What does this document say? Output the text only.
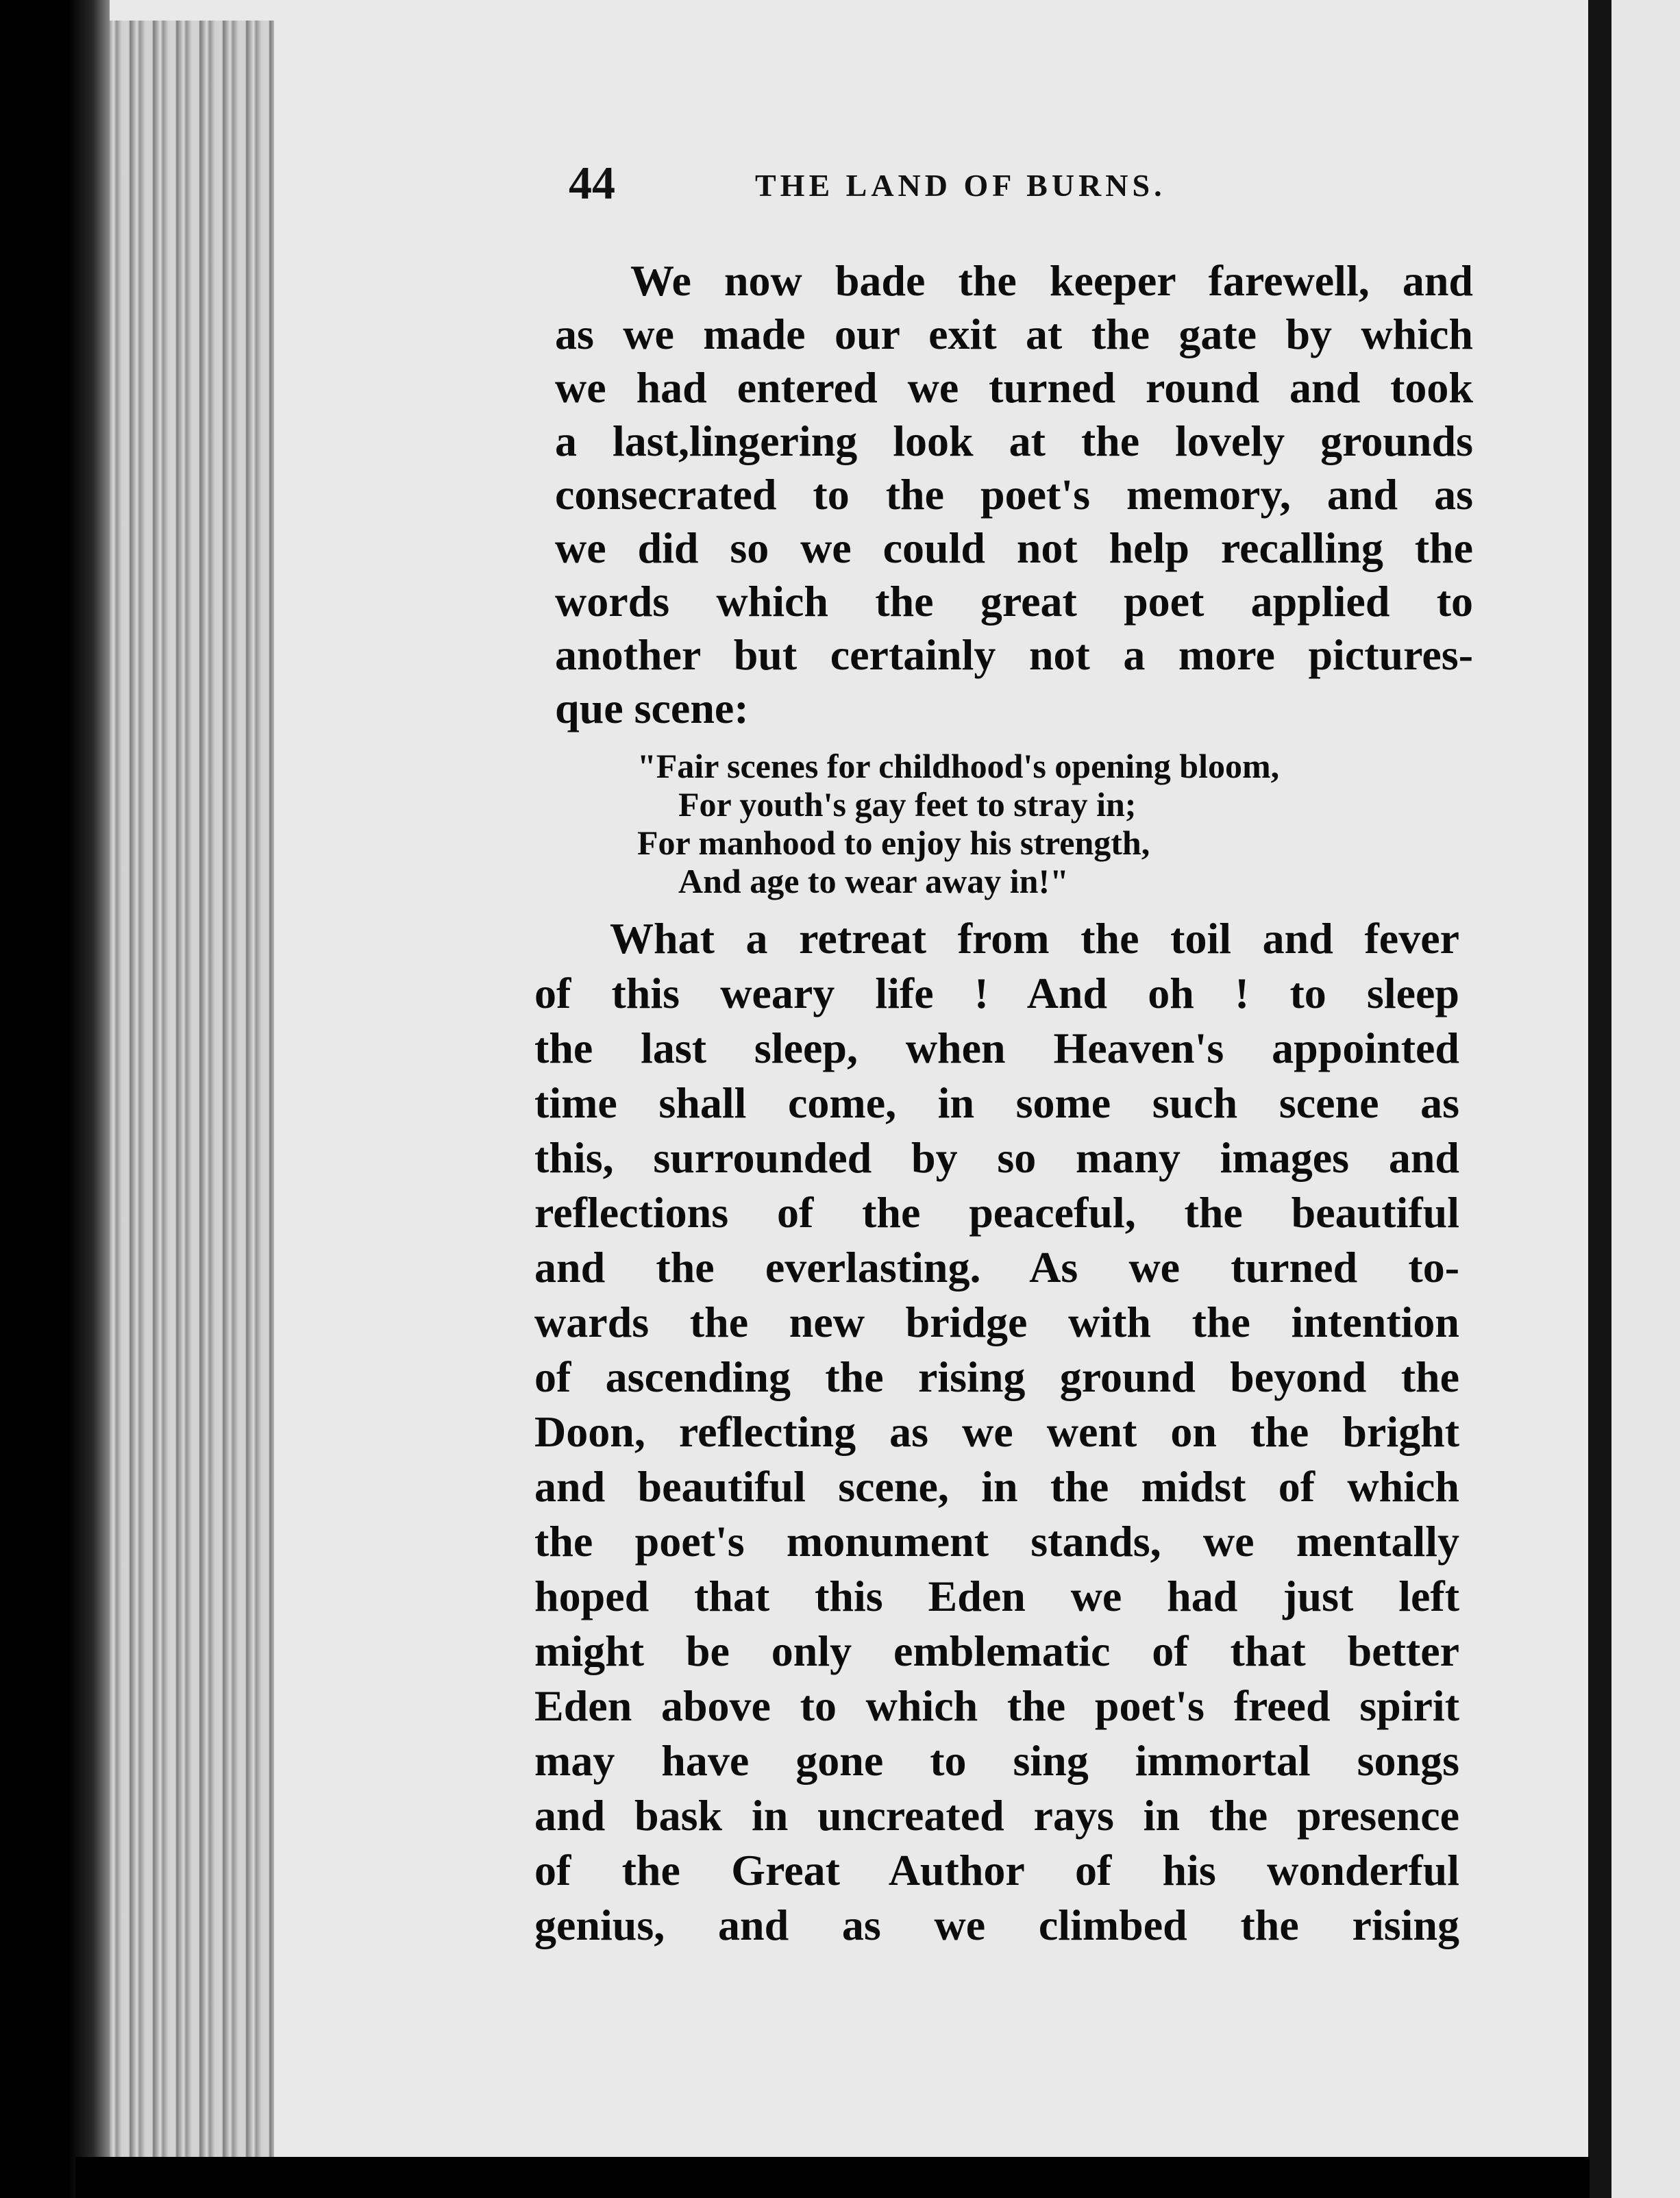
44	THE LAND OF BURNS.
We now bade the keeper farewell, and
as we made our exit at the gate by which
we had entered we turned round and took
a last,lingering look at the lovely grounds
consecrated to the poet's memory, and as
we did so we could not help recalling the
words which the great poet applied to
another but certainly not a more pictures-
que scene:
"Fair scenes for childhood's opening bloom,
For youth's gay feet to stray in;
For manhood to enjoy his strength,
And age to wear away in!"
What a retreat from the toil and fever
of this weary life ! And oh ! to sleep
the last sleep, when Heaven's appointed
time shall come, in some such scene as
this, surrounded by so many images and
reflections of the peaceful, the beautiful
and the everlasting. As we turned to-
wards the new bridge with the intention
of ascending the rising ground beyond the
Doon, reflecting as we went on the bright
and beautiful scene, in the midst of which
the poet's monument stands, we mentally
hoped that this Eden we had just left
might be only emblematic of that better
Eden above to which the poet's freed spirit
may have gone to sing immortal songs
and bask in uncreated rays in the presence
of the Great Author of his wonderful
genius, and as we climbed the rising
